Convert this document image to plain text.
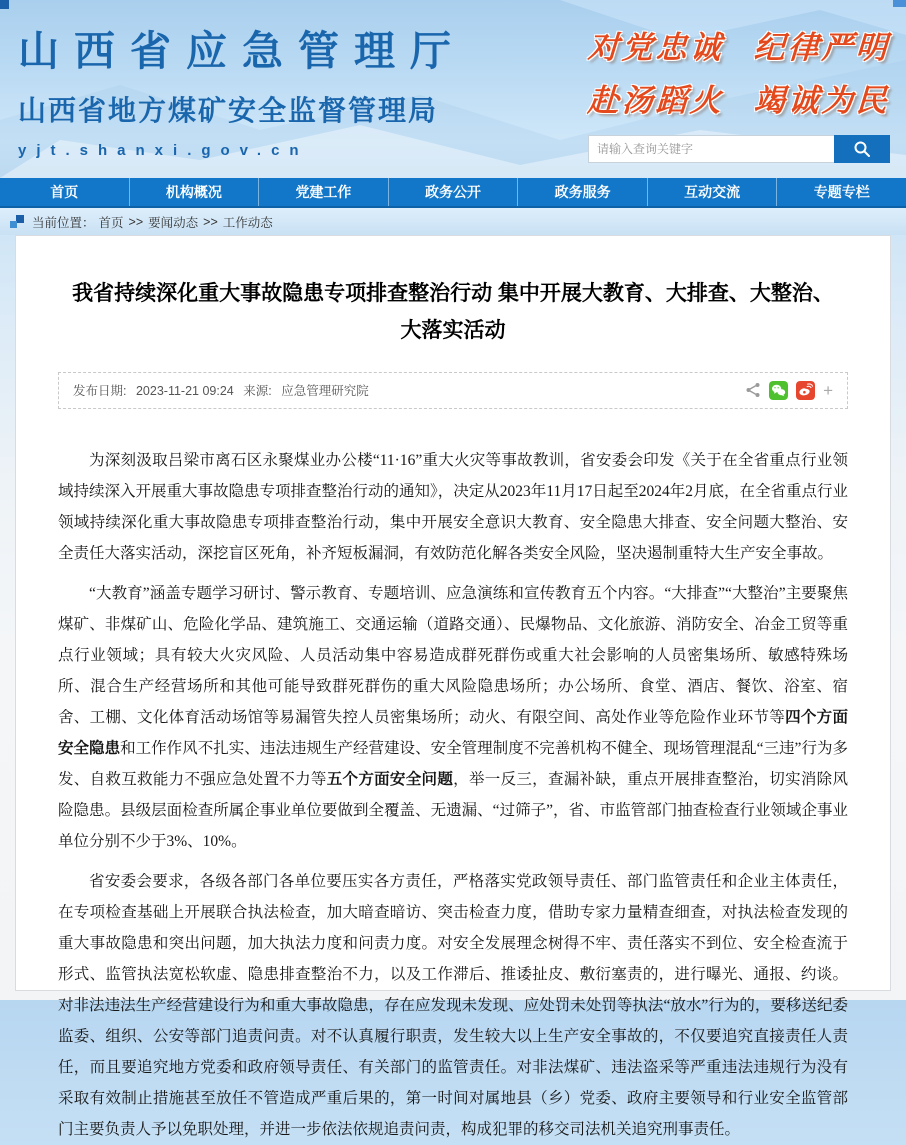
山西省应急管理厅
山西省地方煤矿安全监督管理局
yjt.shanxi.gov.cn
对党忠诚 纪律严明
赴汤蹈火 竭诚为民
请输入查询关键字
首页	机构概况	党建工作	政务公开	政务服务	互动交流	专题专栏
当前位置： 首页 >> 要闻动态 >> 工作动态
我省持续深化重大事故隐患专项排查整治行动 集中开展大教育、大排查、大整治、大落实活动
发布日期: 2023-11-21 09:24 来源: 应急管理研究院	+

为深刻汲取吕梁市离石区永聚煤业办公楼“11·16”重大火灾等事故教训，省安委会印发《关于在全省重点行业领域持续深入开展重大事故隐患专项排查整治行动的通知》，决定从2023年11月17日起至2024年2月底，在全省重点行业领域持续深化重大事故隐患专项排查整治行动，集中开展安全意识大教育、安全隐患大排查、安全问题大整治、安全责任大落实活动，深挖盲区死角，补齐短板漏洞，有效防范化解各类安全风险，坚决遏制重特大生产安全事故。

“大教育”涵盖专题学习研讨、警示教育、专题培训、应急演练和宣传教育五个内容。“大排查”“大整治”主要聚焦煤矿、非煤矿山、危险化学品、建筑施工、交通运输（道路交通）、民爆物品、文化旅游、消防安全、冶金工贸等重点行业领域；具有较大火灾风险、人员活动集中容易造成群死群伤或重大社会影响的人员密集场所、敏感特殊场所、混合生产经营场所和其他可能导致群死群伤的重大风险隐患场所；办公场所、食堂、酒店、餐饮、浴室、宿舍、工棚、文化体育活动场馆等易漏管失控人员密集场所；动火、有限空间、高处作业等危险作业环节等四个方面安全隐患和工作作风不扎实、违法违规生产经营建设、安全管理制度不完善机构不健全、现场管理混乱“三违”行为多发、自救互救能力不强应急处置不力等五个方面安全问题，举一反三，查漏补缺，重点开展排查整治，切实消除风险隐患。县级层面检查所属企事业单位要做到全覆盖、无遗漏、“过筛子”，省、市监管部门抽查检查行业领域企事业单位分别不少于3%、10%。

省安委会要求，各级各部门各单位要压实各方责任，严格落实党政领导责任、部门监管责任和企业主体责任，在专项检查基础上开展联合执法检查，加大暗查暗访、突击检查力度，借助专家力量精查细查，对执法检查发现的重大事故隐患和突出问题，加大执法力度和问责力度。对安全发展理念树得不牢、责任落实不到位、安全检查流于形式、监管执法宽松软虚、隐患排查整治不力，以及工作滞后、推诿扯皮、敷衍塞责的，进行曝光、通报、约谈。对非法违法生产经营建设行为和重大事故隐患，存在应发现未发现、应处罚未处罚等执法“放水”行为的，要移送纪委监委、组织、公安等部门追责问责。对不认真履行职责，发生较大以上生产安全事故的，不仅要追究直接责任人责任，而且要追究地方党委和政府领导责任、有关部门的监管责任。对非法煤矿、违法盗采等严重违法违规行为没有采取有效制止措施甚至放任不管造成严重后果的，第一时间对属地县（乡）党委、政府主要领导和行业安全监管部门主要负责人予以免职处理，并进一步依法依规追责问责，构成犯罪的移交司法机关追究刑事责任。
